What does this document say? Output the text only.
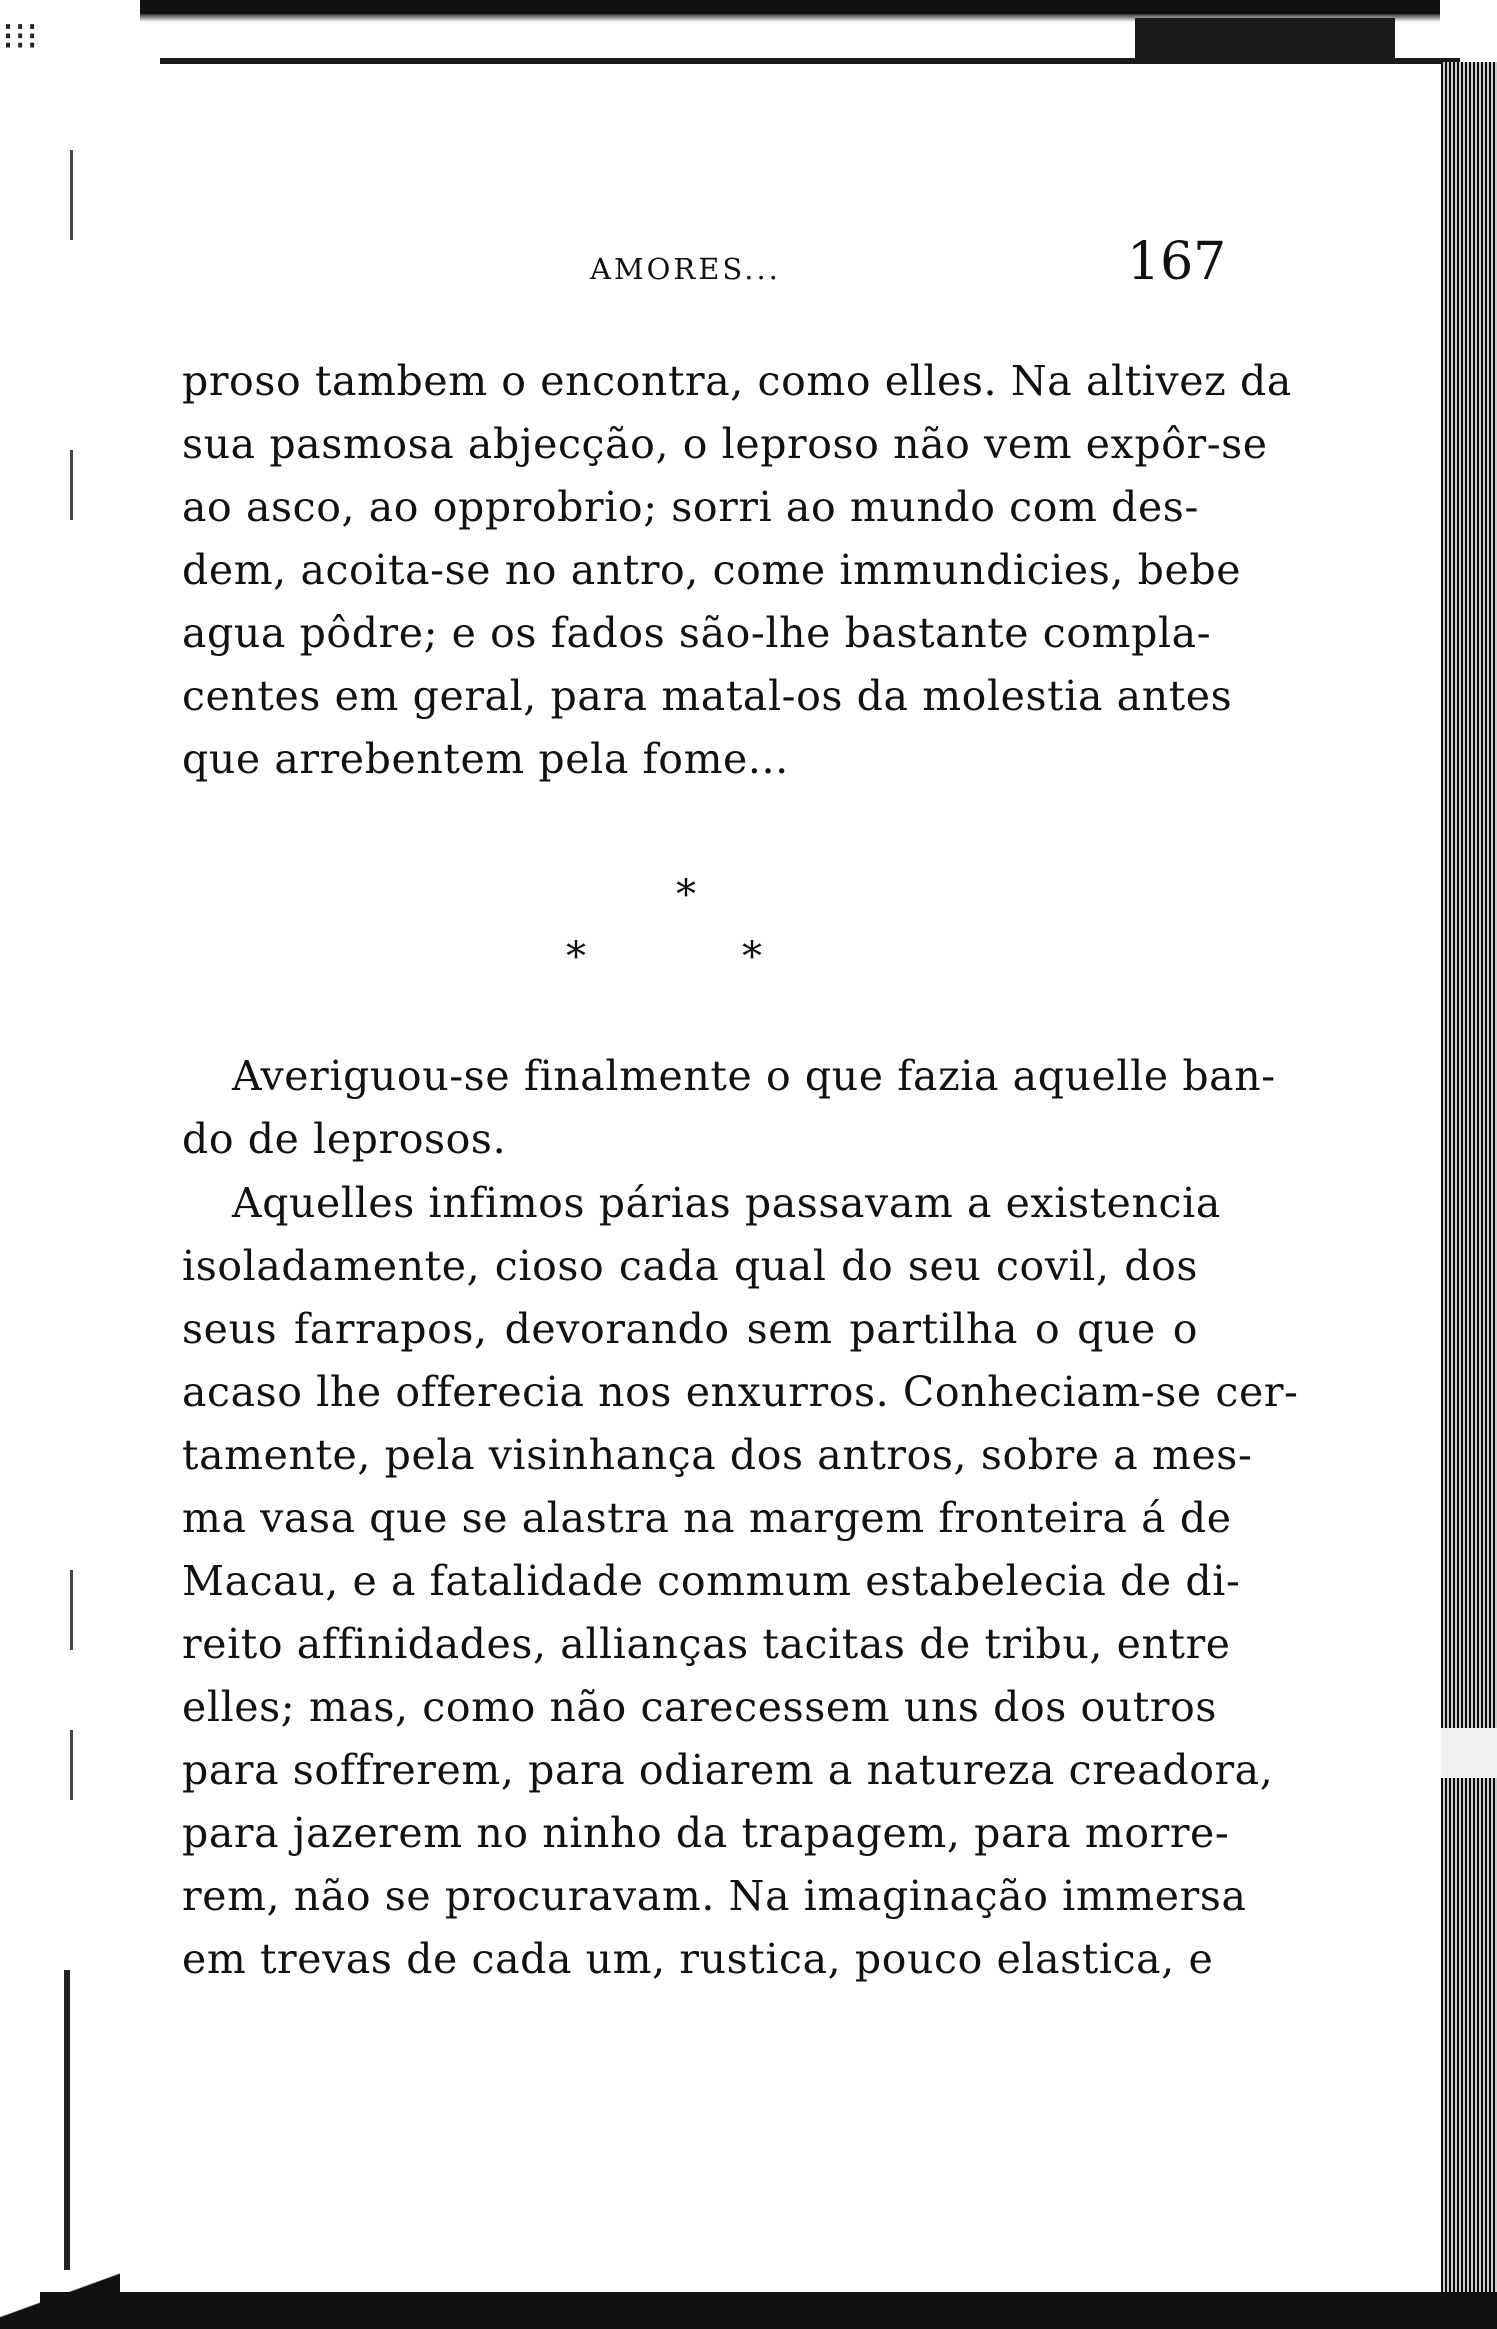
⁝⁝⁝
AMORES...	167

proso tambem o encontra, como elles. Na altivez da
sua pasmosa abjecção, o leproso não vem expôr-se
ao asco, ao opprobrio; sorri ao mundo com des-
dem, acoita-se no antro, come immundicies, bebe
agua pôdre; e os fados são-lhe bastante compla-
centes em geral, para matal-os da molestia antes
que arrebentem pela fome...

*
*	*

Averiguou-se finalmente o que fazia aquelle ban-
do de leprosos.

Aquelles infimos párias passavam a existencia
isoladamente, cioso cada qual do seu covil, dos
seus farrapos, devorando sem partilha o que o
acaso lhe offerecia nos enxurros. Conheciam-se cer-
tamente, pela visinhança dos antros, sobre a mes-
ma vasa que se alastra na margem fronteira á de
Macau, e a fatalidade commum estabelecia de di-
reito affinidades, allianças tacitas de tribu, entre
elles; mas, como não carecessem uns dos outros
para soffrerem, para odiarem a natureza creadora,
para jazerem no ninho da trapagem, para morre-
rem, não se procuravam. Na imaginação immersa
em trevas de cada um, rustica, pouco elastica, e
